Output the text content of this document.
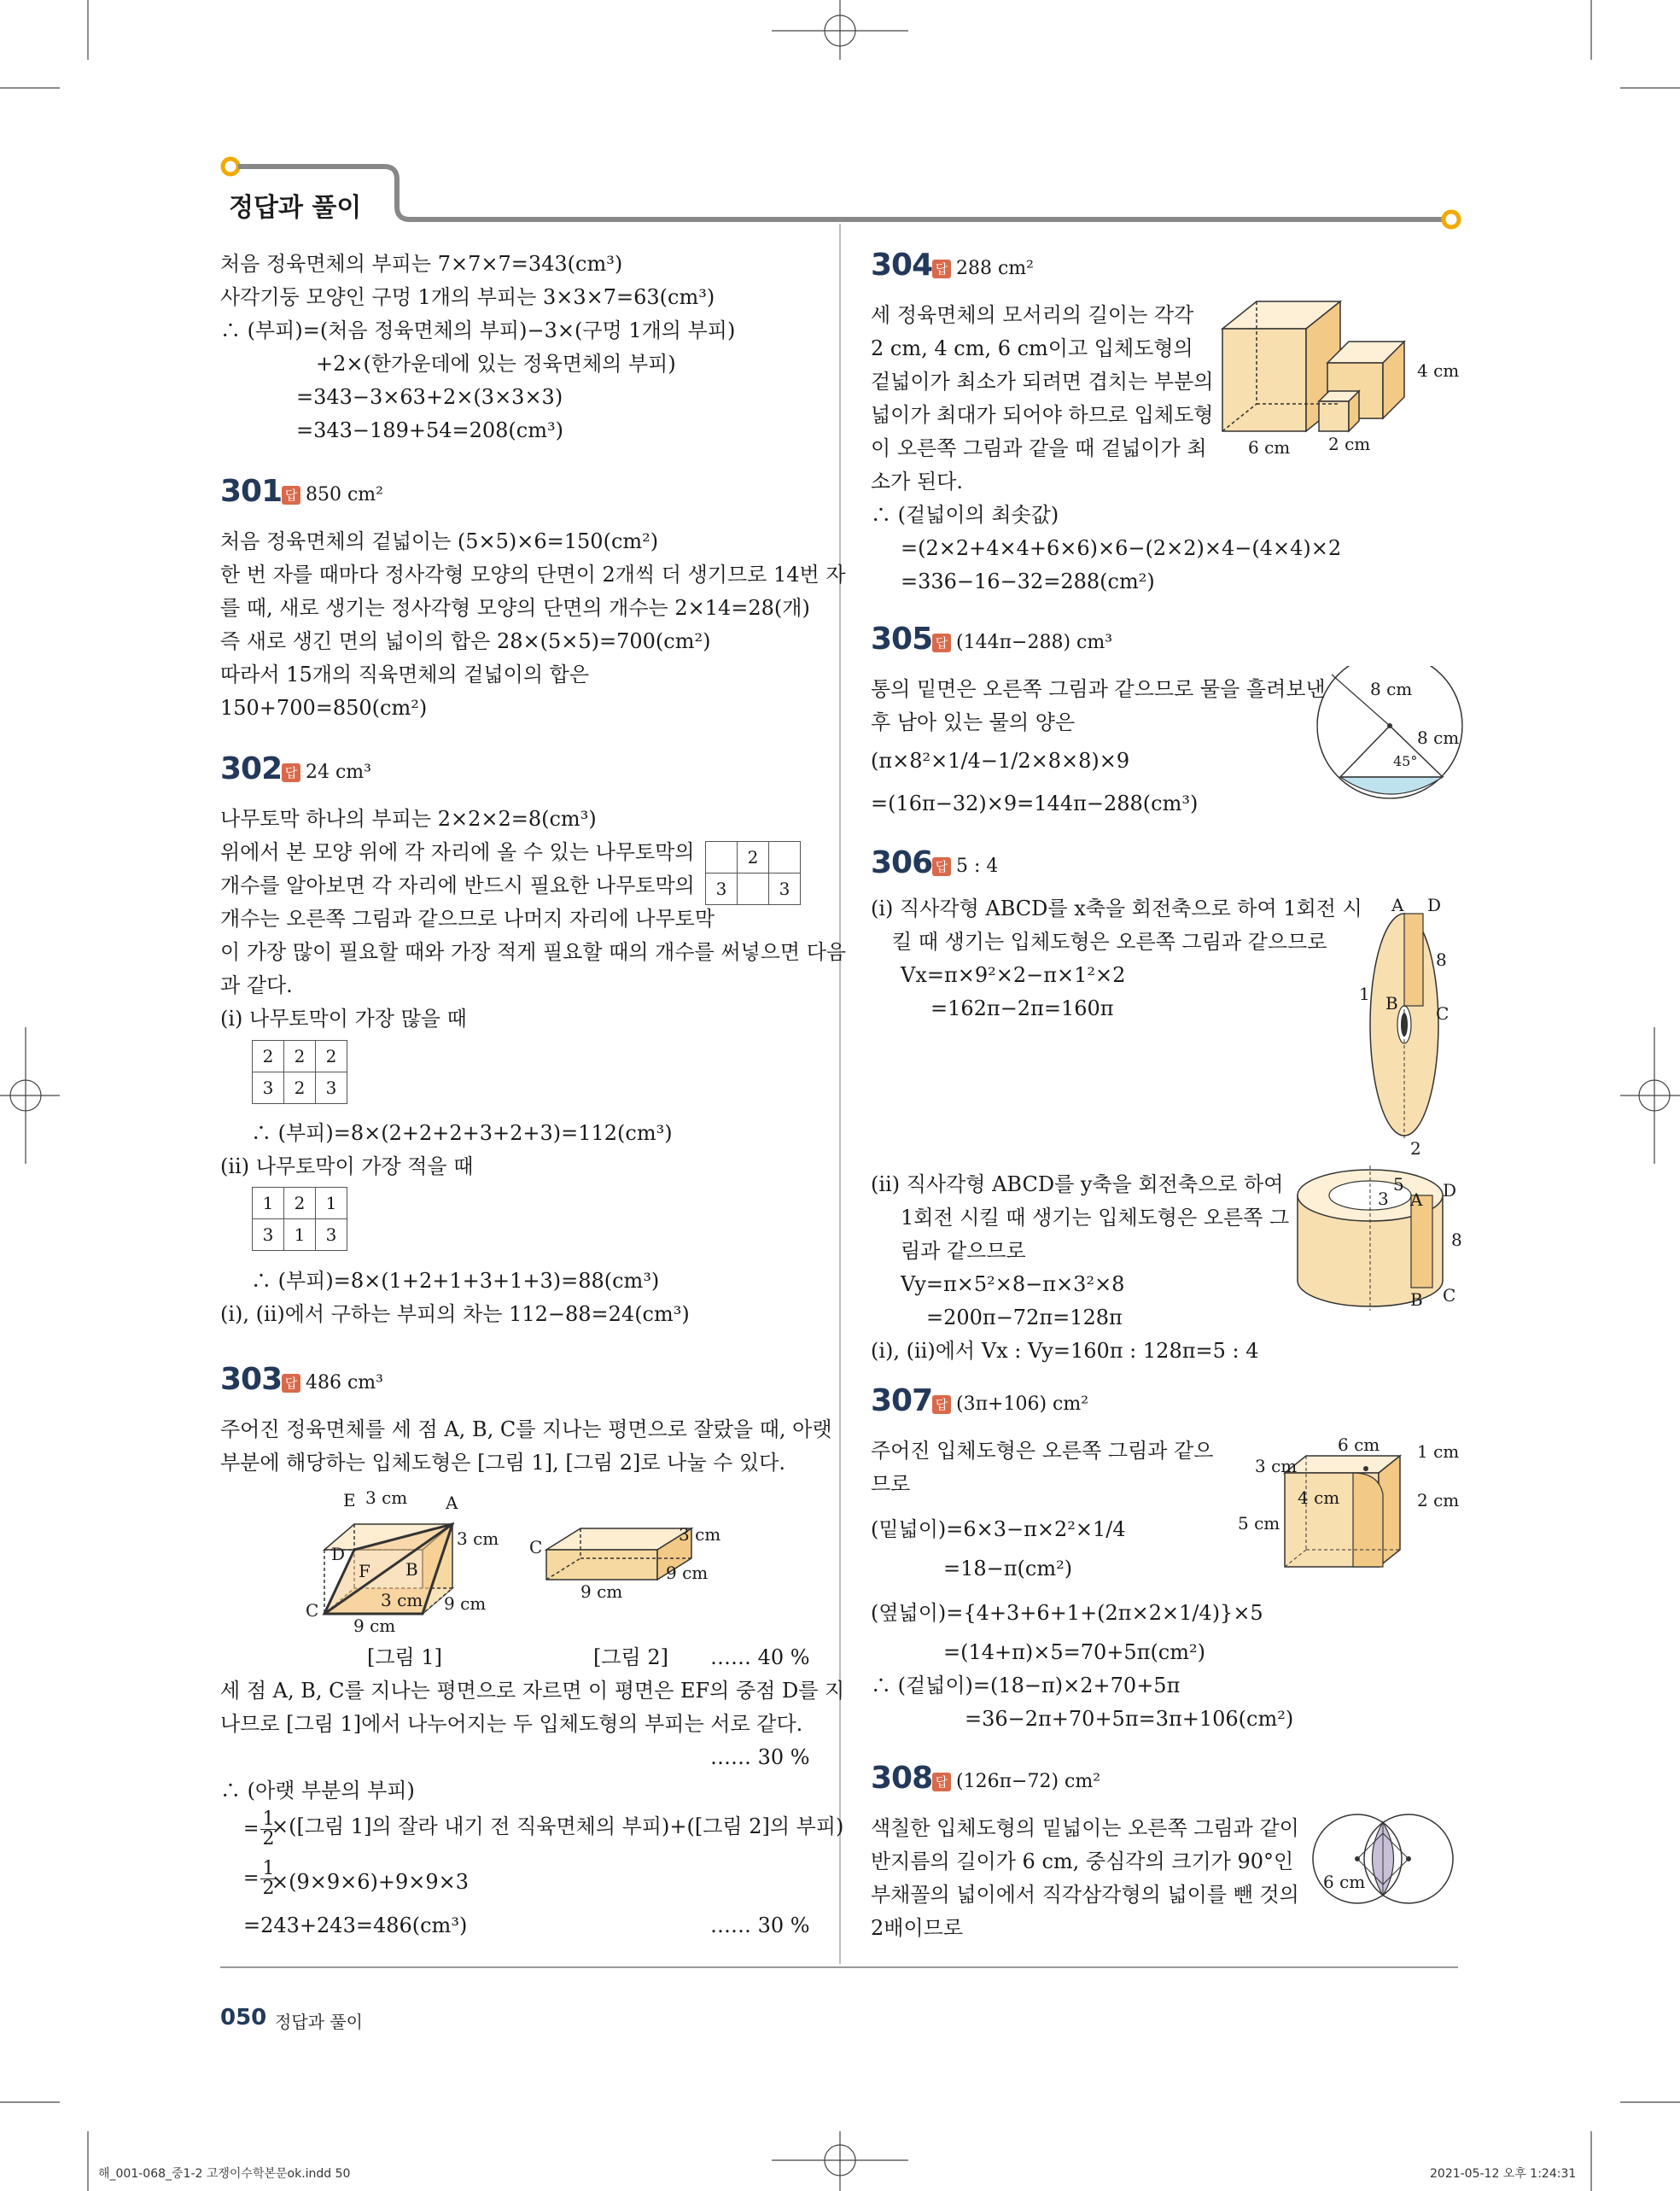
정답과 풀이
처음 정육면체의 부피는 7×7×7=343(cm³)
사각기둥 모양인 구멍 1개의 부피는 3×3×7=63(cm³)
∴ (부피)=(처음 정육면체의 부피)−3×(구멍 1개의 부피)
+2×(한가운데에 있는 정육면체의 부피)
=343−3×63+2×(3×3×3)
=343−189+54=208(cm³)
301 답 850 cm²
처음 정육면체의 겉넓이는 (5×5)×6=150(cm²)
한 번 자를 때마다 정사각형 모양의 단면이 2개씩 더 생기므로 14번 자
를 때, 새로 생기는 정사각형 모양의 단면의 개수는 2×14=28(개)
즉 새로 생긴 면의 넓이의 합은 28×(5×5)=700(cm²)
따라서 15개의 직육면체의 겉넓이의 합은
150+700=850(cm²)
302 답 24 cm³
나무토막 하나의 부피는 2×2×2=8(cm³)
위에서 본 모양 위에 각 자리에 올 수 있는 나무토막의
개수를 알아보면 각 자리에 반드시 필요한 나무토막의
개수는 오른쪽 그림과 같으므로 나머지 자리에 나무토막
이 가장 많이 필요할 때와 가장 적게 필요할 때의 개수를 써넣으면 다음
과 같다.
	2	
3		3
(ⅰ) 나무토막이 가장 많을 때
2	2	2
3	2	3
∴ (부피)=8×(2+2+2+3+2+3)=112(cm³)
(ⅱ) 나무토막이 가장 적을 때
1	2	1
3	1	3
∴ (부피)=8×(1+2+1+3+1+3)=88(cm³)
(ⅰ), (ⅱ)에서 구하는 부피의 차는 112−88=24(cm³)
303 답 486 cm³
주어진 정육면체를 세 점 A, B, C를 지나는 평면으로 잘랐을 때, 아랫
부분에 해당하는 입체도형은 [그림 1], [그림 2]로 나눌 수 있다.
E 3 cm A
3 cm
D
F B
C	3 cm 9 cm
9 cm
C
3 cm
9 cm
9 cm
[그림 1]	[그림 2] …… 40 %
세 점 A, B, C를 지나는 평면으로 자르면 이 평면은 EF의 중점 D를 지
나므로 [그림 1]에서 나누어지는 두 입체도형의 부피는 서로 같다.
…… 30 %
∴ (아랫 부분의 부피)
= $\frac{1}{2}$
×([그림 1]의 잘라 내기 전 직육면체의 부피)+([그림 2]의 부피)
= $\frac{1}{2}$
×(9×9×6)+9×9×3
=243+243=486(cm³)	…… 30 %
304 답 288 cm²
세 정육면체의 모서리의 길이는 각각
2 cm, 4 cm, 6 cm이고 입체도형의
겉넓이가 최소가 되려면 겹치는 부분의
넓이가 최대가 되어야 하므로 입체도형
이 오른쪽 그림과 같을 때 겉넓이가 최
소가 된다.
4 cm
6 cm 2 cm
∴ (겉넓이의 최솟값)
=(2×2+4×4+6×6)×6−(2×2)×4−(4×4)×2
=336−16−32=288(cm²)
305 답 (144π−288) cm³
통의 밑면은 오른쪽 그림과 같으므로 물을 흘려보낸
후 남아 있는 물의 양은
(π×8²×1/4−1/2×8×8)×9
=(16π−32)×9=144π−288(cm³)
8 cm
8 cm
45°
306 답 5 : 4
(ⅰ) 직사각형 ABCD를 x축을 회전축으로 하여 1회전 시
킬 때 생기는 입체도형은 오른쪽 그림과 같으므로
Vx=π×9²×2−π×1²×2
=162π−2π=160π
A D
8
1 B C
2
(ⅱ) 직사각형 ABCD를 y축을 회전축으로 하여
1회전 시킬 때 생기는 입체도형은 오른쪽 그
림과 같으므로
Vy=π×5²×8−π×3²×8
=200π−72π=128π
(ⅰ), (ⅱ)에서 Vx : Vy=160π : 128π=5 : 4
5
3 A D
8
B C
307 답 (3π+106) cm²
주어진 입체도형은 오른쪽 그림과 같으
므로
(밑넓이)=6×3−π×2²×1/4
=18−π(cm²)
(옆넓이)={4+3+6+1+(2π×2×1/4)}×5
=(14+π)×5=70+5π(cm²)
∴ (겉넓이)=(18−π)×2+70+5π
=36−2π+70+5π=3π+106(cm²)
6 cm 1 cm
3 cm
4 cm	2 cm
5 cm
308 답 (126π−72) cm²
색칠한 입체도형의 밑넓이는 오른쪽 그림과 같이
반지름의 길이가 6 cm, 중심각의 크기가 90°인
부채꼴의 넓이에서 직각삼각형의 넓이를 뺀 것의
2배이므로
6 cm
050 정답과 풀이
해_001-068_중1-2 고쟁이수학본문ok.indd 50	2021-05-12 오후 1:24:31
